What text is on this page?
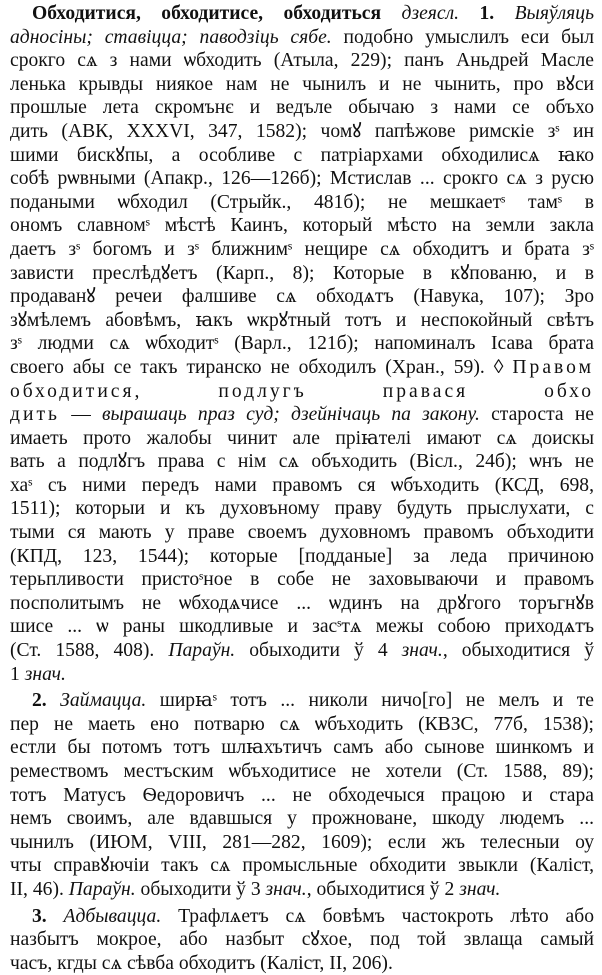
Обходитися, обходитисе, обходиться дзеясл. 1. Выяўляць
адносіны; ставіцца; паводзіць сябе. подобно умыслилъ еси был
срокго сѧ з нами ѡбходить (Атыла, 229); панъ Аньдрей Масле
ленька крывды ниякое нам не чынилъ и не чынить, про вꙋси
прошлые лета скромънє и ведъле обычаю з нами се объхо
дить (АВК, XXXVI, 347, 1582); чомꙋ папѣжове римскіе зˢ ин
шими бискꙋпы, а особливе с патріархами обходилисѧ ꙗко
собѣ рѡвными (Апакр., 126—126б); Мстислав ... срокго сѧ з русю
подаными ѡбходил (Стрыйк., 481б); не мешкаетˢ тамˢ в
ономъ славномˢ мѣстѣ Каинъ, который мѣсто на земли закла
даетъ зˢ богомъ и зˢ ближнимˢ нещире сѧ обходитъ и брата зˢ
зависти преслѣдꙋетъ (Карп., 8); Которые в кꙋпованю, и в
продаванꙋ речеи фалшиве сѧ обходѧтъ (Навука, 107); Зро
зꙋмѣлемъ абовѣмъ, ꙗкъ ѡкрꙋтный тотъ и неспокойный свѣтъ
зˢ людми сѧ ѡбходитˢ (Варл., 121б); напоминалъ Ісава брата
своего абы се такъ тиранско не обходилъ (Хран., 59). ◊ Правом
обходитися, подлугъ правася обхо
дить — вырашаць праз суд; дзейнічаць па закону. староста не
имаеть прото жалобы чинит але пріꙗтелі имают сѧ доискы
вать а подлꙋгъ права с нім сѧ объходить (Вісл., 24б); ѡнъ не
хаˢ съ ними передъ нами правомъ ся ѡбъходить (КСД, 698,
1511); которыи и къ духовъному праву будуть прыслухати, с
тыми ся мають у праве своемъ духовномъ правомъ объходити
(КПД, 123, 1544); которые [подданые] за леда причиною
терьпливости пристоˢное в собе не заховываючи и правомъ
посполитымъ не ѡбходѧчисе ... ѡдинъ на дрꙋгого торъгнꙋв
шисе ... ѡ раны шкодливые и засˢтѧ межы собою приходѧтъ
(Ст. 1588, 408). Параўн. обыходити ў 4 знач., обыходитися ў
1 знач.
2. Займацца. ширꙗˢ тотъ ... николи ничо[го] не мелъ и те
пер не маеть ено потварю сѧ ѡбъходить (КВЗС, 77б, 1538);
естли бы потомъ тотъ шлꙗхътичъ самъ або сынове шинкомъ и
ремествомъ местъским ѡбъходитисе не хотели (Ст. 1588, 89);
тотъ Матусъ Ѳедоровичъ ... не обходечыся працою и стара
немъ своимъ, але вдавшыся у прожноване, шкоду людемъ ...
чынилъ (ИЮМ, VIII, 281—282, 1609); если жъ телесныи оу
чты справꙋючіи такъ сѧ промысльные обходити звыкли (Каліст,
II, 46). Параўн. обыходити ў 3 знач., обыходитися ў 2 знач.
3. Адбывацца. Трафлѧетъ сѧ бовѣмъ частокроть лѣто або
назбытъ мокрое, або назбыт сꙋхое, под той звлаща самый
часъ, кгды сѧ сѣвба обходитъ (Каліст, II, 206).
